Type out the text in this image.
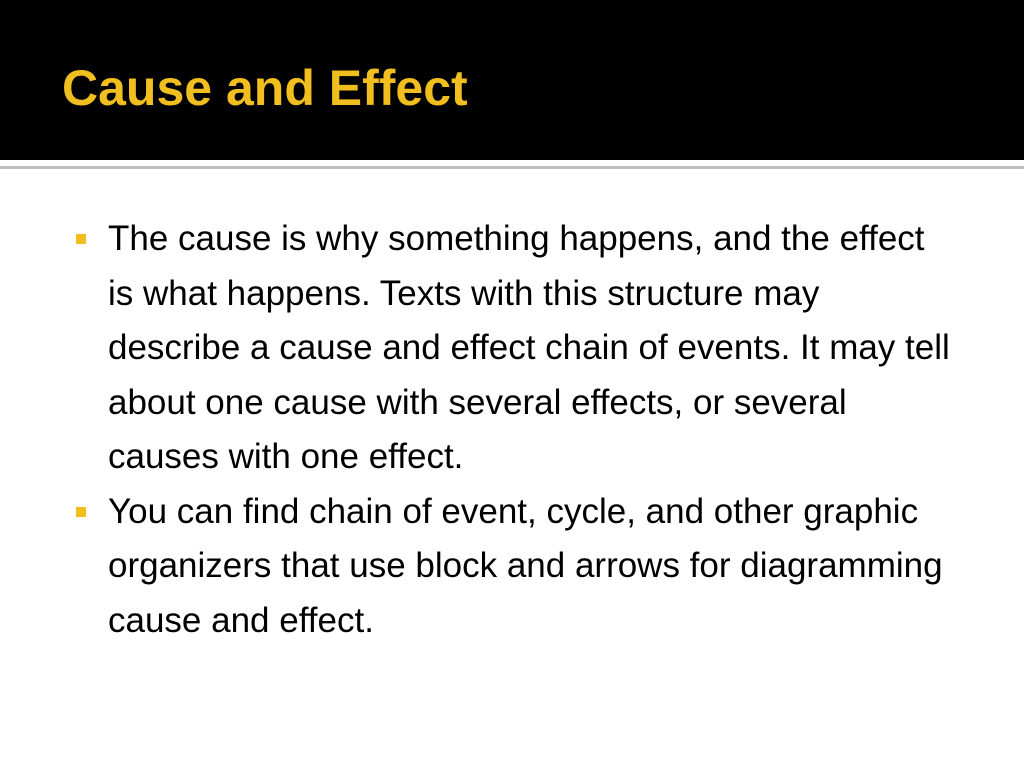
Cause and Effect
The cause is why something happens, and the effect is what happens. Texts with this structure may describe a cause and effect chain of events. It may tell about one cause with several effects, or several causes with one effect.
You can find chain of event, cycle, and other graphic organizers that use block and arrows for diagramming cause and effect.
